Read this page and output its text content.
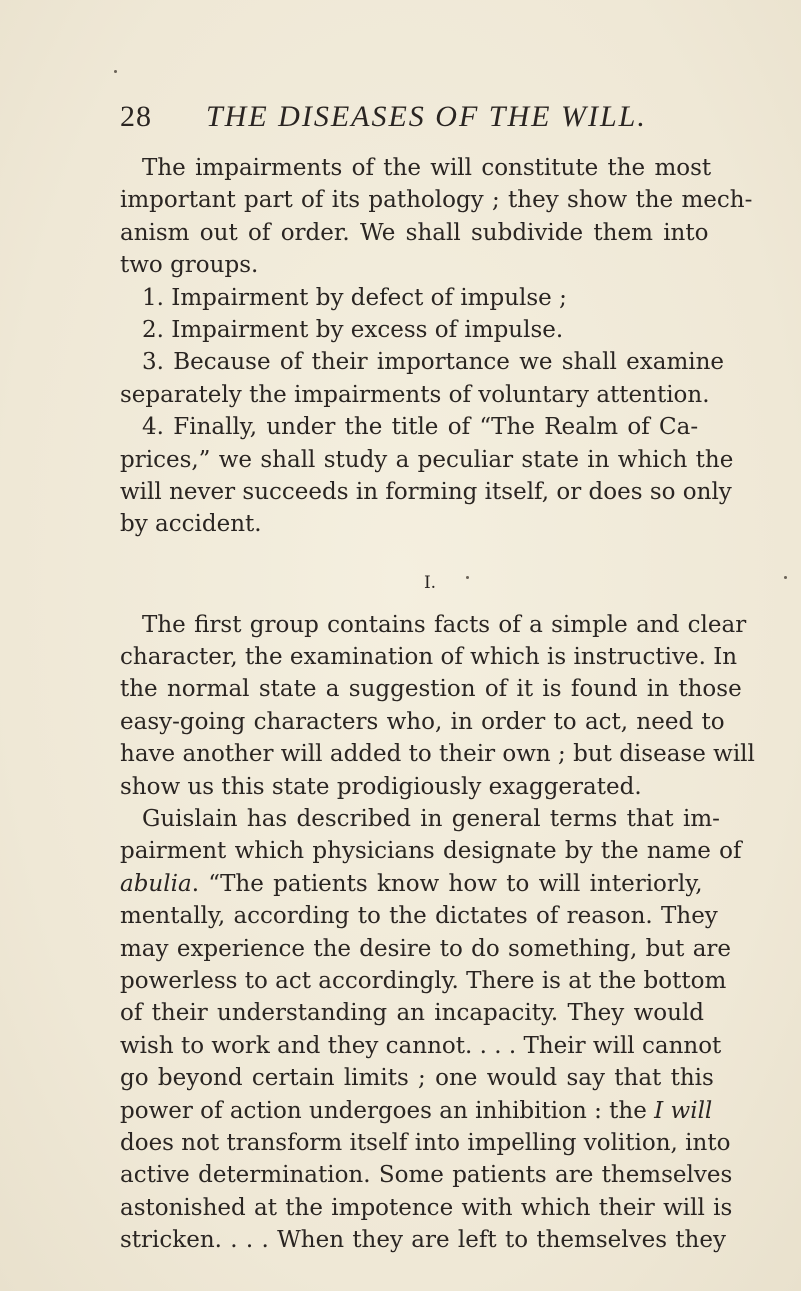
28 THE DISEASES OF THE WILL.
The impairments of the will constitute the most
important part of its pathology ; they show the mech-
anism out of order. We shall subdivide them into
two groups.
1. Impairment by defect of impulse ;
2. Impairment by excess of impulse.
3. Because of their importance we shall examine
separately the impairments of voluntary attention.
4. Finally, under the title of “The Realm of Ca-
prices,” we shall study a peculiar state in which the
will never succeeds in forming itself, or does so only
by accident.
I.
The first group contains facts of a simple and clear
character, the examination of which is instructive. In
the normal state a suggestion of it is found in those
easy-going characters who, in order to act, need to
have another will added to their own ; but disease will
show us this state prodigiously exaggerated.
Guislain has described in general terms that im-
pairment which physicians designate by the name of
abulia. “The patients know how to will interiorly,
mentally, according to the dictates of reason. They
may experience the desire to do something, but are
powerless to act accordingly. There is at the bottom
of their understanding an incapacity. They would
wish to work and they cannot. . . . Their will cannot
go beyond certain limits ; one would say that this
power of action undergoes an inhibition : the I will
does not transform itself into impelling volition, into
active determination. Some patients are themselves
astonished at the impotence with which their will is
stricken. . . . When they are left to themselves they
